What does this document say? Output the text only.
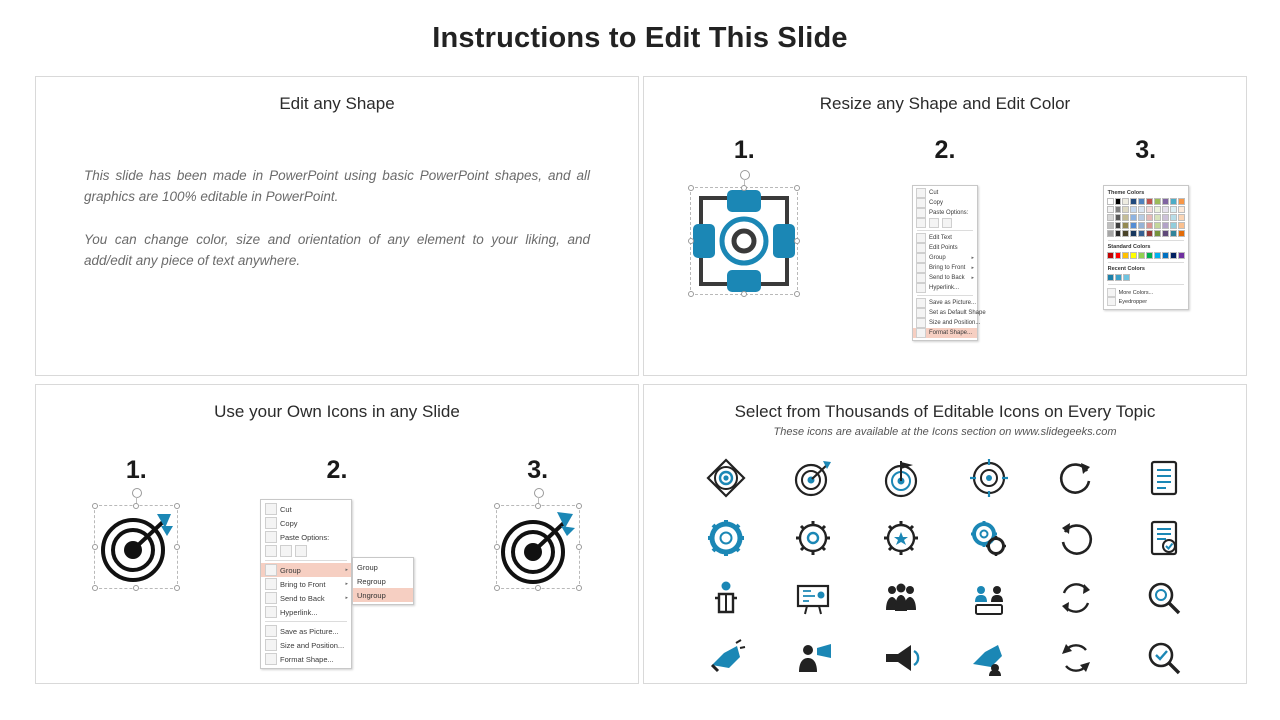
Instructions to Edit This Slide
Edit any Shape
This slide has been made in PowerPoint using basic PowerPoint shapes, and all graphics are 100% editable in PowerPoint.
You can change color, size and orientation of any element to your liking, and add/edit any piece of text anywhere.
Resize any Shape and Edit Color
1.	2.	3.
Cut
Copy
Paste Options:
Edit Text
Edit Points
Group	▸
Bring to Front ▸
Send to Back ▸
Hyperlink...
Save as Picture...
Set as Default Shape
Size and Position...
Format Shape...
Theme Colors
Standard Colors
Recent Colors
More Colors...
Eyedropper
Use your Own Icons in any Slide
1.	2.	3.
Cut
Copy
Paste Options:
Group	▸
Bring to Front	▸
Send to Back	▸
Hyperlink...
Save as Picture...
Size and Position...
Format Shape...
Group
Regroup
Ungroup
Select from Thousands of Editable Icons on Every Topic
These icons are available at the Icons section on www.slidegeeks.com
